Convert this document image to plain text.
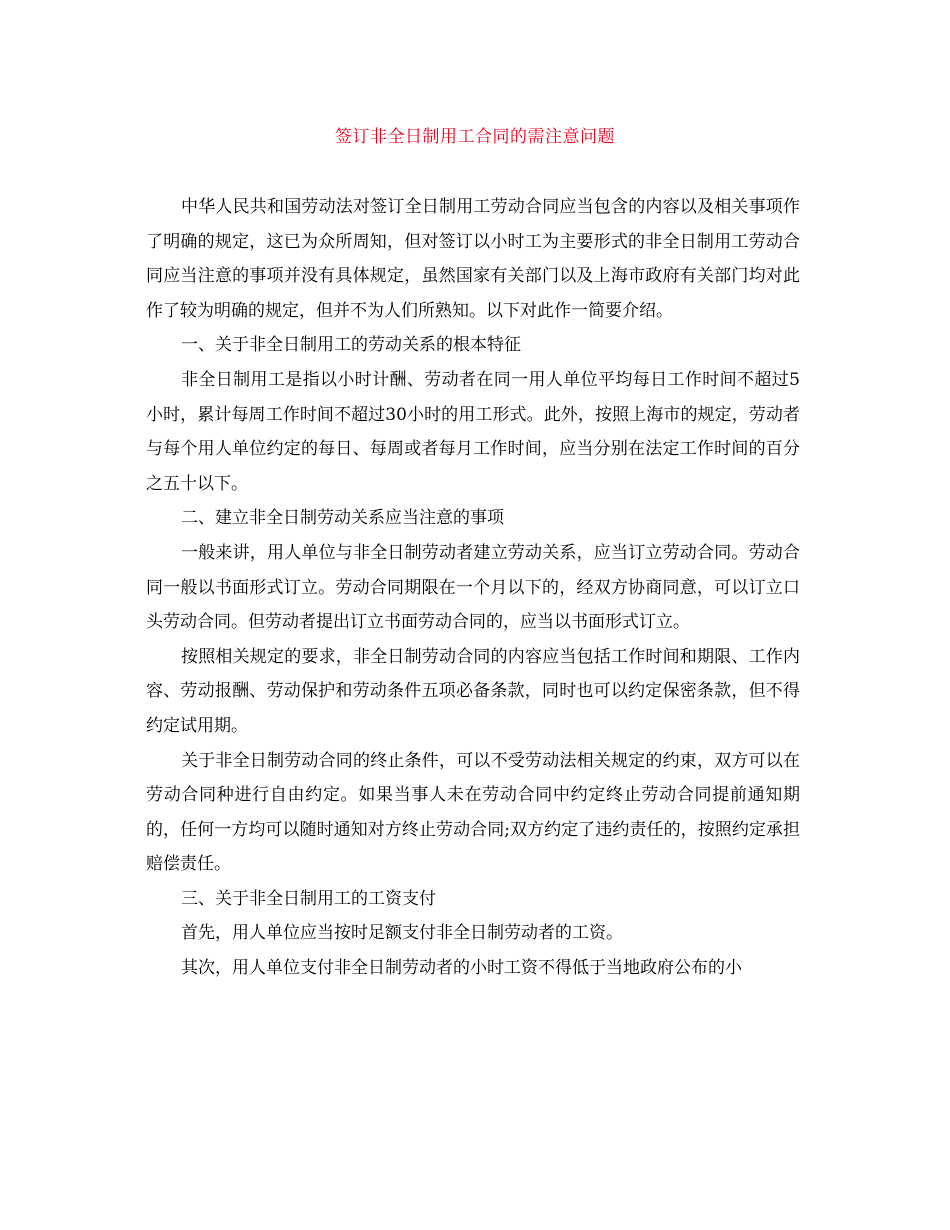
签订非全日制用工合同的需注意问题

中华人民共和国劳动法对签订全日制用工劳动合同应当包含的内容以及相关事项作了明确的规定，这已为众所周知，但对签订以小时工为主要形式的非全日制用工劳动合同应当注意的事项并没有具体规定，虽然国家有关部门以及上海市政府有关部门均对此作了较为明确的规定，但并不为人们所熟知。以下对此作一简要介绍。

一、关于非全日制用工的劳动关系的根本特征

非全日制用工是指以小时计酬、劳动者在同一用人单位平均每日工作时间不超过5小时，累计每周工作时间不超过30小时的用工形式。此外，按照上海市的规定，劳动者与每个用人单位约定的每日、每周或者每月工作时间，应当分别在法定工作时间的百分之五十以下。

二、建立非全日制劳动关系应当注意的事项

一般来讲，用人单位与非全日制劳动者建立劳动关系，应当订立劳动合同。劳动合同一般以书面形式订立。劳动合同期限在一个月以下的，经双方协商同意，可以订立口头劳动合同。但劳动者提出订立书面劳动合同的，应当以书面形式订立。

按照相关规定的要求，非全日制劳动合同的内容应当包括工作时间和期限、工作内容、劳动报酬、劳动保护和劳动条件五项必备条款，同时也可以约定保密条款，但不得约定试用期。

关于非全日制劳动合同的终止条件，可以不受劳动法相关规定的约束，双方可以在劳动合同种进行自由约定。如果当事人未在劳动合同中约定终止劳动合同提前通知期的，任何一方均可以随时通知对方终止劳动合同;双方约定了违约责任的，按照约定承担赔偿责任。

三、关于非全日制用工的工资支付

首先，用人单位应当按时足额支付非全日制劳动者的工资。

其次，用人单位支付非全日制劳动者的小时工资不得低于当地政府公布的小
